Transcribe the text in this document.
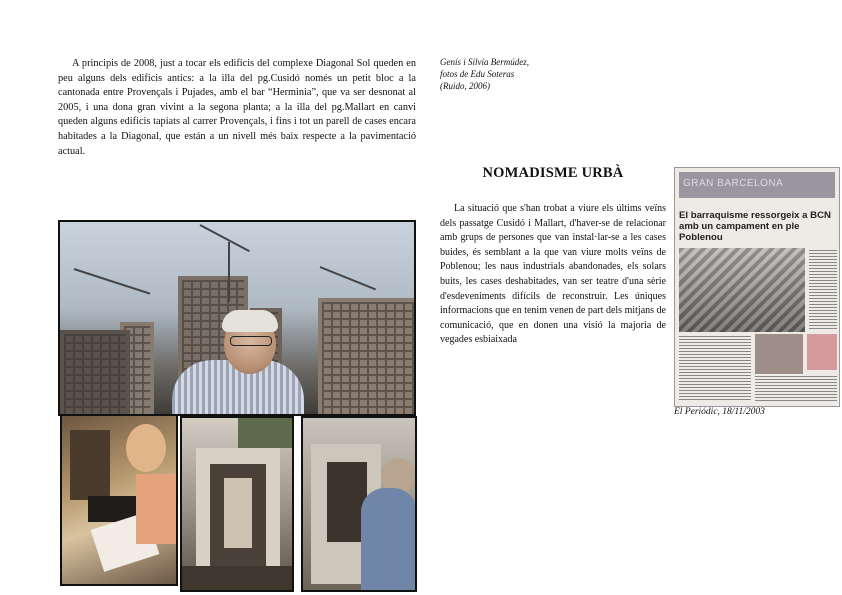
A principis de 2008, just a tocar els edificis del complexe Diagonal Sol queden en peu alguns dels edificis antics: a la illa del pg.Cusidó només un petit bloc a la cantonada entre Provençals i Pujades, amb el bar “Herminia”, que va ser desnonat al 2005, i una dona gran vivint a la segona planta; a la illa del pg.Mallart en canvi queden alguns edificis tapiats al carrer Provençals, i fins i tot un parell de cases encara habitades a la Diagonal, que están a un nivell més baix respecte a la pavimentació actual.

Genís i Silvia Bermúdez,
fotos de Edu Soteras
(Ruido, 2006)
NOMADISME URBÀ

La situació que s'han trobat a viure els últims veïns dels passatge Cusidó i Mallart, d'haver-se de relacionar amb grups de persones que van instal·lar-se a les cases buides, és semblant a la que van viure molts veïns de Poblenou; les naus industrials abandonades, els solars buits, les cases deshabitades, van ser teatre d'una sèrie d'esdeveniments difícils de reconstruir. Les úniques informacions que en tenim venen de part dels mitjans de comunicació, que en donen una visió la majoria de vegades esbiaixada

GRAN BARCELONA
El barraquisme ressorgeix a BCN amb un campament en ple Poblenou
El Periódic, 18/11/2003
